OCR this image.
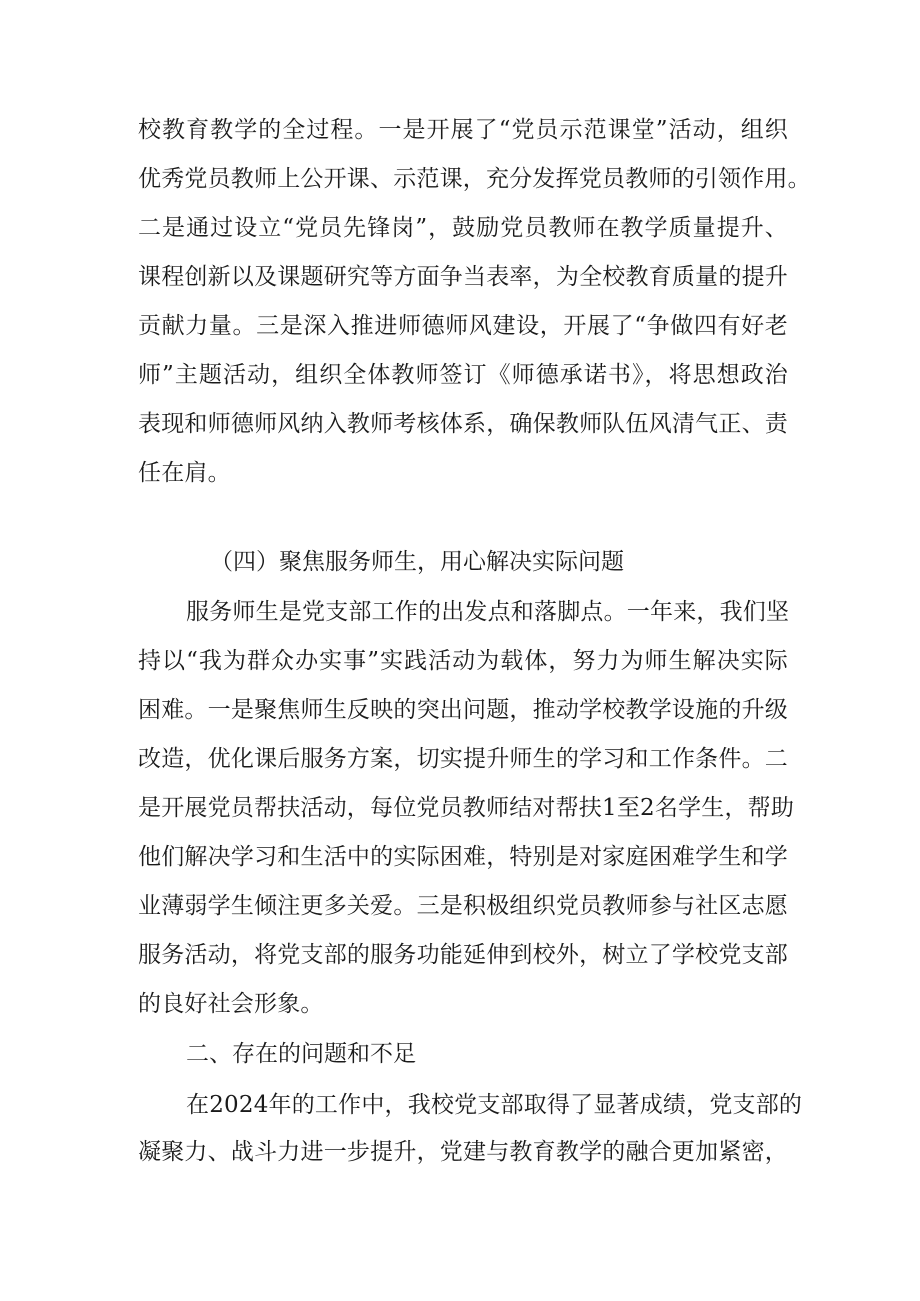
校教育教学的全过程。一是开展了“党员示范课堂”活动，组织
优秀党员教师上公开课、示范课，充分发挥党员教师的引领作用。
二是通过设立“党员先锋岗”，鼓励党员教师在教学质量提升、
课程创新以及课题研究等方面争当表率，为全校教育质量的提升
贡献力量。三是深入推进师德师风建设，开展了“争做四有好老
师”主题活动，组织全体教师签订《师德承诺书》，将思想政治
表现和师德师风纳入教师考核体系，确保教师队伍风清气正、责
任在肩。
（四）聚焦服务师生，用心解决实际问题
服务师生是党支部工作的出发点和落脚点。一年来，我们坚
持以“我为群众办实事”实践活动为载体，努力为师生解决实际
困难。一是聚焦师生反映的突出问题，推动学校教学设施的升级
改造，优化课后服务方案，切实提升师生的学习和工作条件。二
是开展党员帮扶活动，每位党员教师结对帮扶1至2名学生，帮助
他们解决学习和生活中的实际困难，特别是对家庭困难学生和学
业薄弱学生倾注更多关爱。三是积极组织党员教师参与社区志愿
服务活动，将党支部的服务功能延伸到校外，树立了学校党支部
的良好社会形象。
二、存在的问题和不足
在2024年的工作中，我校党支部取得了显著成绩，党支部的
凝聚力、战斗力进一步提升，党建与教育教学的融合更加紧密，
